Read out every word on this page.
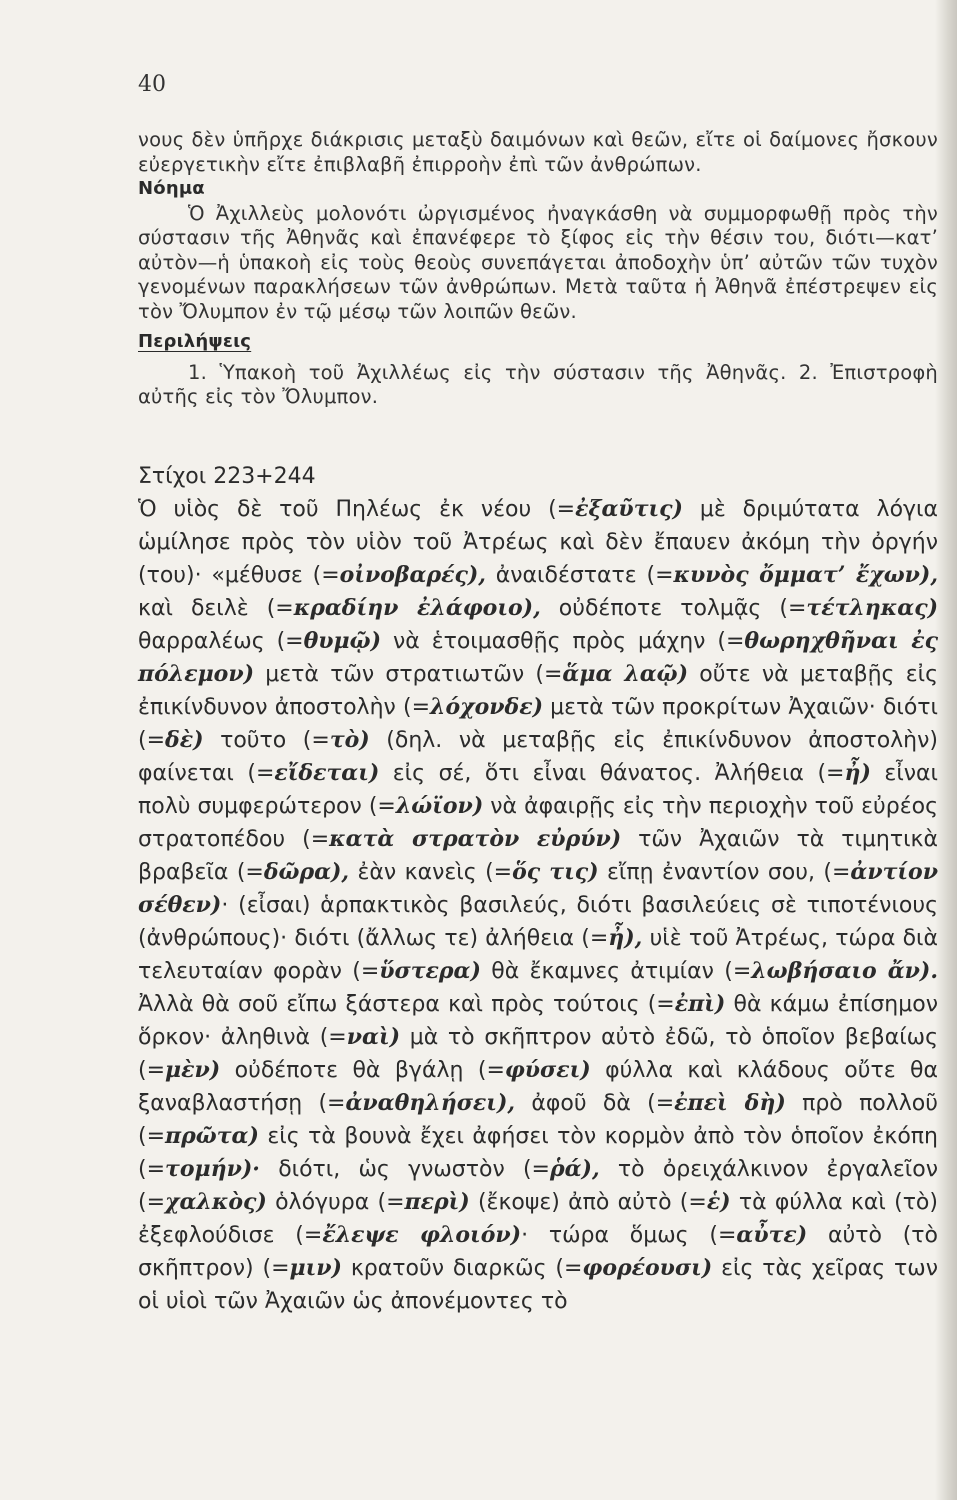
40

νους δὲν ὑπῆρχε διάκρισις μεταξὺ δαιμόνων καὶ θεῶν, εἴτε οἱ δαίμονες ἤσκουν εὐεργετικὴν εἴτε ἐπιβλαβῆ ἐπιρροὴν ἐπὶ τῶν ἀνθρώπων.

Νόημα

Ὁ Ἀχιλλεὺς μολονότι ὠργισμένος ἠναγκάσθη νὰ συμμορφωθῇ πρὸς τὴν σύστασιν τῆς Ἀθηνᾶς καὶ ἐπανέφερε τὸ ξίφος εἰς τὴν θέσιν του, διότι—κατ’ αὐτὸν—ἡ ὑπακοὴ εἰς τοὺς θεοὺς συνεπάγεται ἀποδοχὴν ὑπ’ αὐτῶν τῶν τυχὸν γενομένων παρακλήσεων τῶν ἀνθρώπων. Μετὰ ταῦτα ἡ Ἀθηνᾶ ἐπέστρεψεν εἰς τὸν Ὄλυμπον ἐν τῷ μέσῳ τῶν λοιπῶν θεῶν.

Περιλήψεις

1. Ὑπακοὴ τοῦ Ἀχιλλέως εἰς τὴν σύστασιν τῆς Ἀθηνᾶς. 2. Ἐπιστροφὴ αὐτῆς εἰς τὸν Ὄλυμπον.

Στίχοι 223+244

Ὁ υἱὸς δὲ τοῦ Πηλέως ἐκ νέου (=ἐξαῦτις) μὲ δριμύτατα λόγια ὡμίλησε πρὸς τὸν υἱὸν τοῦ Ἀτρέως καὶ δὲν ἔπαυεν ἀκόμη τὴν ὀργήν (του)· «μέθυσε (=οἰνοβαρές), ἀναιδέστατε (=κυνὸς ὄμματ’ ἔχων), καὶ δειλὲ (=κραδίην ἐλάφοιο), οὐδέποτε τολμᾷς (=τέτληκας) θαρραλέως (=θυμῷ) νὰ ἑτοιμασθῇς πρὸς μάχην (=θωρηχθῆναι ἐς πόλεμον) μετὰ τῶν στρατιωτῶν (=ἅμα λαῷ) οὔτε νὰ μεταβῇς εἰς ἐπικίνδυνον ἀποστολὴν (=λόχονδε) μετὰ τῶν προκρίτων Ἀχαιῶν· διότι (=δὲ) τοῦτο (=τὸ) (δηλ. νὰ μεταβῇς εἰς ἐπικίνδυνον ἀποστολὴν) φαίνεται (=εἴδεται) εἰς σέ, ὅτι εἶναι θάνατος. Ἀλήθεια (=ἦ) εἶναι πολὺ συμφερώτερον (=λώϊον) νὰ ἀφαιρῇς εἰς τὴν περιοχὴν τοῦ εὐρέος στρατοπέδου (=κατὰ στρατὸν εὐρύν) τῶν Ἀχαιῶν τὰ τιμητικὰ βραβεῖα (=δῶρα), ἐὰν κανεὶς (=ὅς τις) εἴπῃ ἐναντίον σου, (=ἀντίον σέθεν)· (εἶσαι) ἁρπακτικὸς βασιλεύς, διότι βασιλεύεις σὲ τιποτένιους (ἀνθρώπους)· διότι (ἄλλως τε) ἀλήθεια (=ἦ), υἱὲ τοῦ Ἀτρέως, τώρα διὰ τελευταίαν φορὰν (=ὕστερα) θὰ ἔκαμνες ἀτιμίαν (=λωβήσαιο ἄν). Ἀλλὰ θὰ σοῦ εἴπω ξάστερα καὶ πρὸς τούτοις (=ἐπὶ) θὰ κάμω ἐπίσημον ὅρκον· ἀληθινὰ (=ναὶ) μὰ τὸ σκῆπτρον αὐτὸ ἐδῶ, τὸ ὁποῖον βεβαίως (=μὲν) οὐδέποτε θὰ βγάλῃ (=φύσει) φύλλα καὶ κλάδους οὔτε θα ξαναβλαστήσῃ (=ἀναθηλήσει), ἀφοῦ δὰ (=ἐπεὶ δὴ) πρὸ πολλοῦ (=πρῶτα) εἰς τὰ βουνὰ ἔχει ἀφήσει τὸν κορμὸν ἀπὸ τὸν ὁποῖον ἐκόπη (=τομήν)· διότι, ὡς γνωστὸν (=ῥά), τὸ ὀρειχάλκινον ἐργαλεῖον (=χαλκὸς) ὁλόγυρα (=περὶ) (ἔκοψε) ἀπὸ αὐτὸ (=ἑ) τὰ φύλλα καὶ (τὸ) ἐξεφλούδισε (=ἔλεψε φλοιόν)· τώρα ὅμως (=αὖτε) αὐτὸ (τὸ σκῆπτρον) (=μιν) κρατοῦν διαρκῶς (=φορέουσι) εἰς τὰς χεῖρας των οἱ υἱοὶ τῶν Ἀχαιῶν ὡς ἀπονέμοντες τὸ
